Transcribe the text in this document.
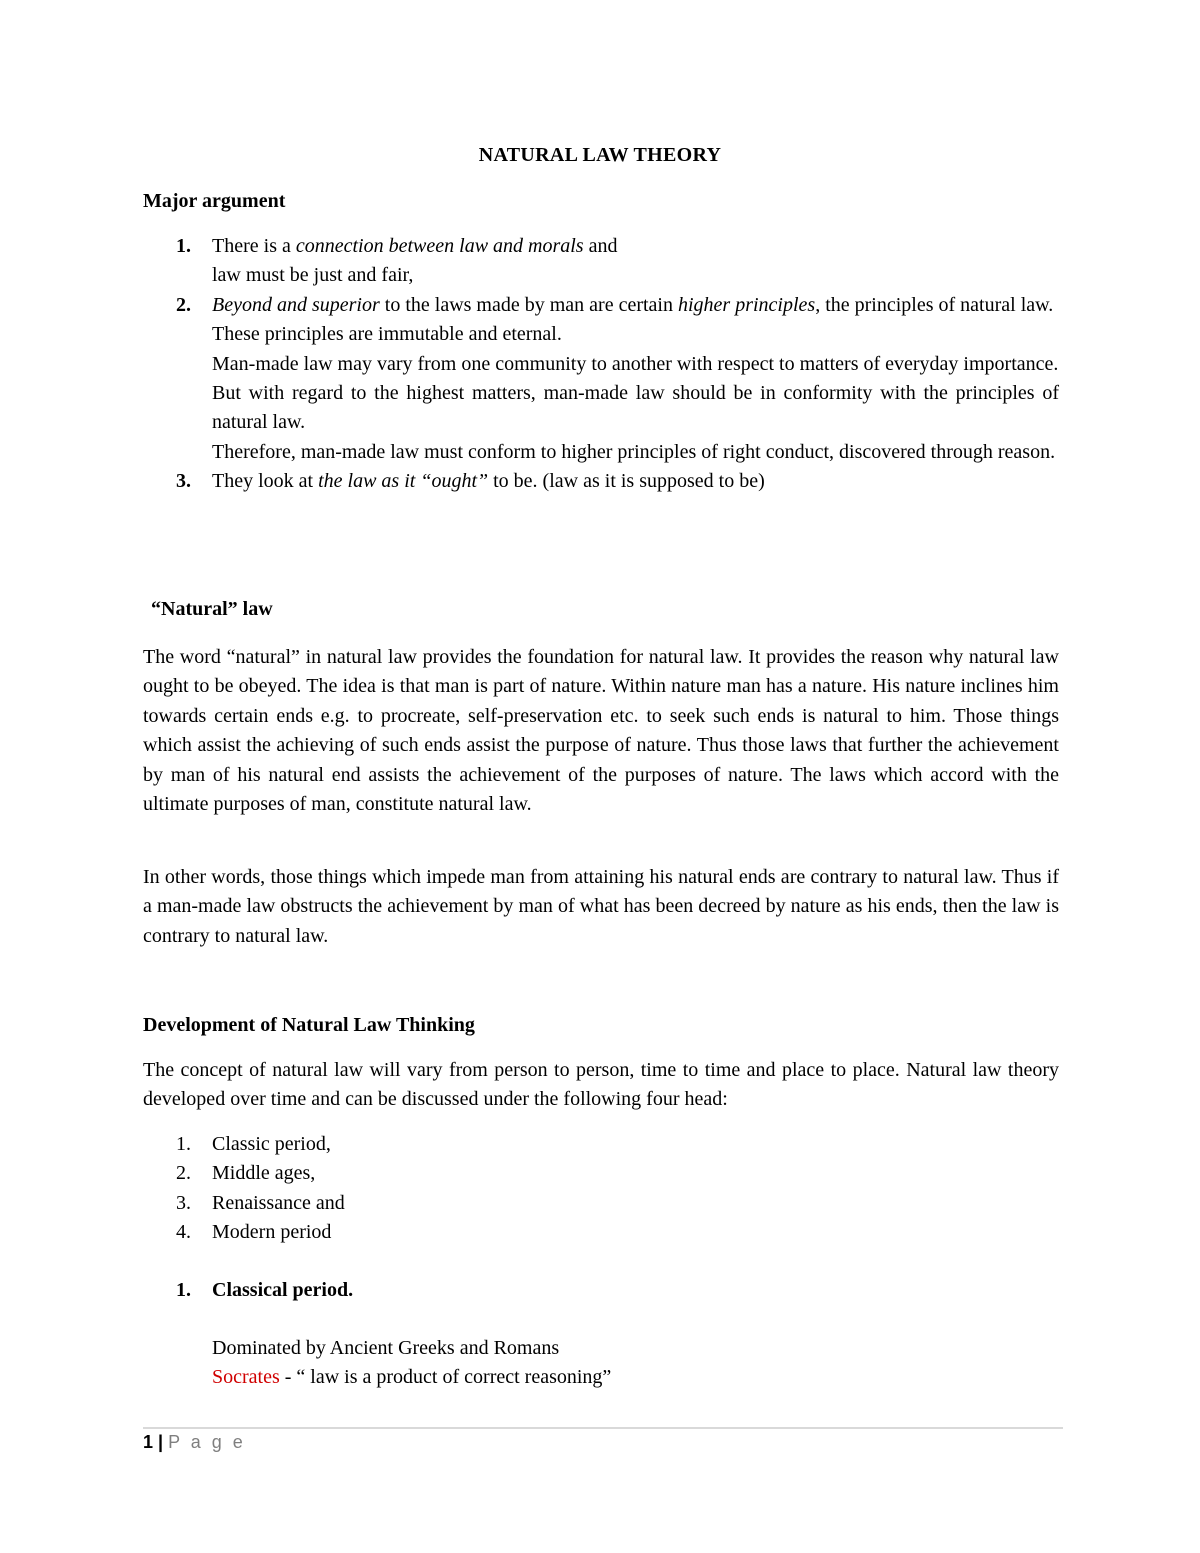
NATURAL LAW THEORY
Major argument
1. There is a connection between law and morals and
law must be just and fair,
2. Beyond and superior to the laws made by man are certain higher principles, the principles of natural law.
These principles are immutable and eternal.
Man-made law may vary from one community to another with respect to matters of everyday importance.
But with regard to the highest matters, man-made law should be in conformity with the principles of natural law.
Therefore, man-made law must conform to higher principles of right conduct, discovered through reason.
3. They look at the law as it “ought” to be. (law as it is supposed to be)
“Natural” law
The word “natural” in natural law provides the foundation for natural law. It provides the reason why natural law ought to be obeyed. The idea is that man is part of nature. Within nature man has a nature. His nature inclines him towards certain ends e.g. to procreate, self-preservation etc. to seek such ends is natural to him. Those things which assist the achieving of such ends assist the purpose of nature. Thus those laws that further the achievement by man of his natural end assists the achievement of the purposes of nature. The laws which accord with the ultimate purposes of man, constitute natural law.
In other words, those things which impede man from attaining his natural ends are contrary to natural law. Thus if a man-made law obstructs the achievement by man of what has been decreed by nature as his ends, then the law is contrary to natural law.
Development of Natural Law Thinking
The concept of natural law will vary from person to person, time to time and place to place. Natural law theory developed over time and can be discussed under the following four head:
1. Classic period,
2. Middle ages,
3. Renaissance and
4. Modern period
1. Classical period.
Dominated by Ancient Greeks and Romans
Socrates - “ law is a product of correct reasoning”
1 | P a g e
